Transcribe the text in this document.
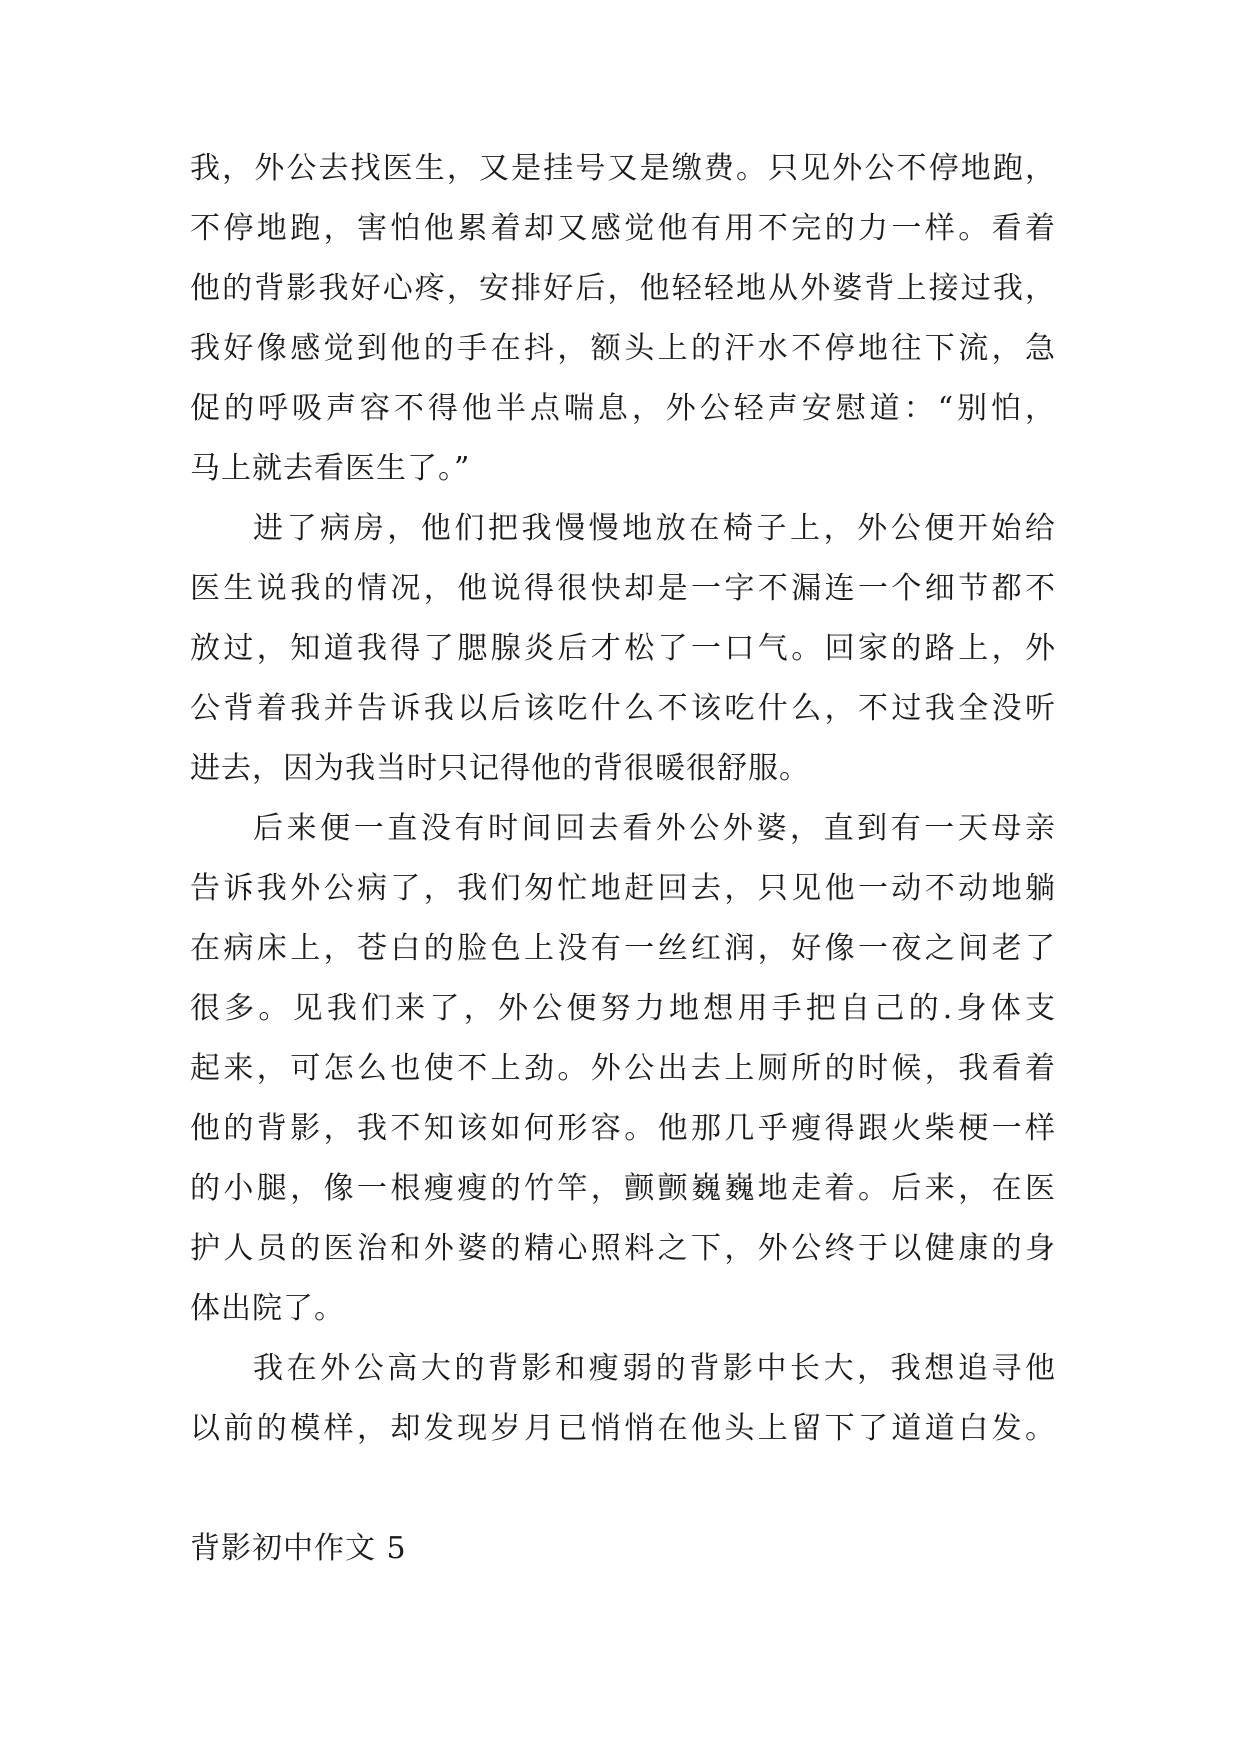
我，外公去找医生，又是挂号又是缴费。只见外公不停地跑，
不停地跑，害怕他累着却又感觉他有用不完的力一样。看着
他的背影我好心疼，安排好后，他轻轻地从外婆背上接过我，
我好像感觉到他的手在抖，额头上的汗水不停地往下流，急
促的呼吸声容不得他半点喘息，外公轻声安慰道：“别怕，
马上就去看医生了。”
进了病房，他们把我慢慢地放在椅子上，外公便开始给
医生说我的情况，他说得很快却是一字不漏连一个细节都不
放过，知道我得了腮腺炎后才松了一口气。回家的路上，外
公背着我并告诉我以后该吃什么不该吃什么，不过我全没听
进去，因为我当时只记得他的背很暖很舒服。
后来便一直没有时间回去看外公外婆，直到有一天母亲
告诉我外公病了，我们匆忙地赶回去，只见他一动不动地躺
在病床上，苍白的脸色上没有一丝红润，好像一夜之间老了
很多。见我们来了，外公便努力地想用手把自己的.身体支
起来，可怎么也使不上劲。外公出去上厕所的时候，我看着
他的背影，我不知该如何形容。他那几乎瘦得跟火柴梗一样
的小腿，像一根瘦瘦的竹竿，颤颤巍巍地走着。后来，在医
护人员的医治和外婆的精心照料之下，外公终于以健康的身
体出院了。
我在外公高大的背影和瘦弱的背影中长大，我想追寻他
以前的模样，却发现岁月已悄悄在他头上留下了道道白发。
背影初中作文 5
